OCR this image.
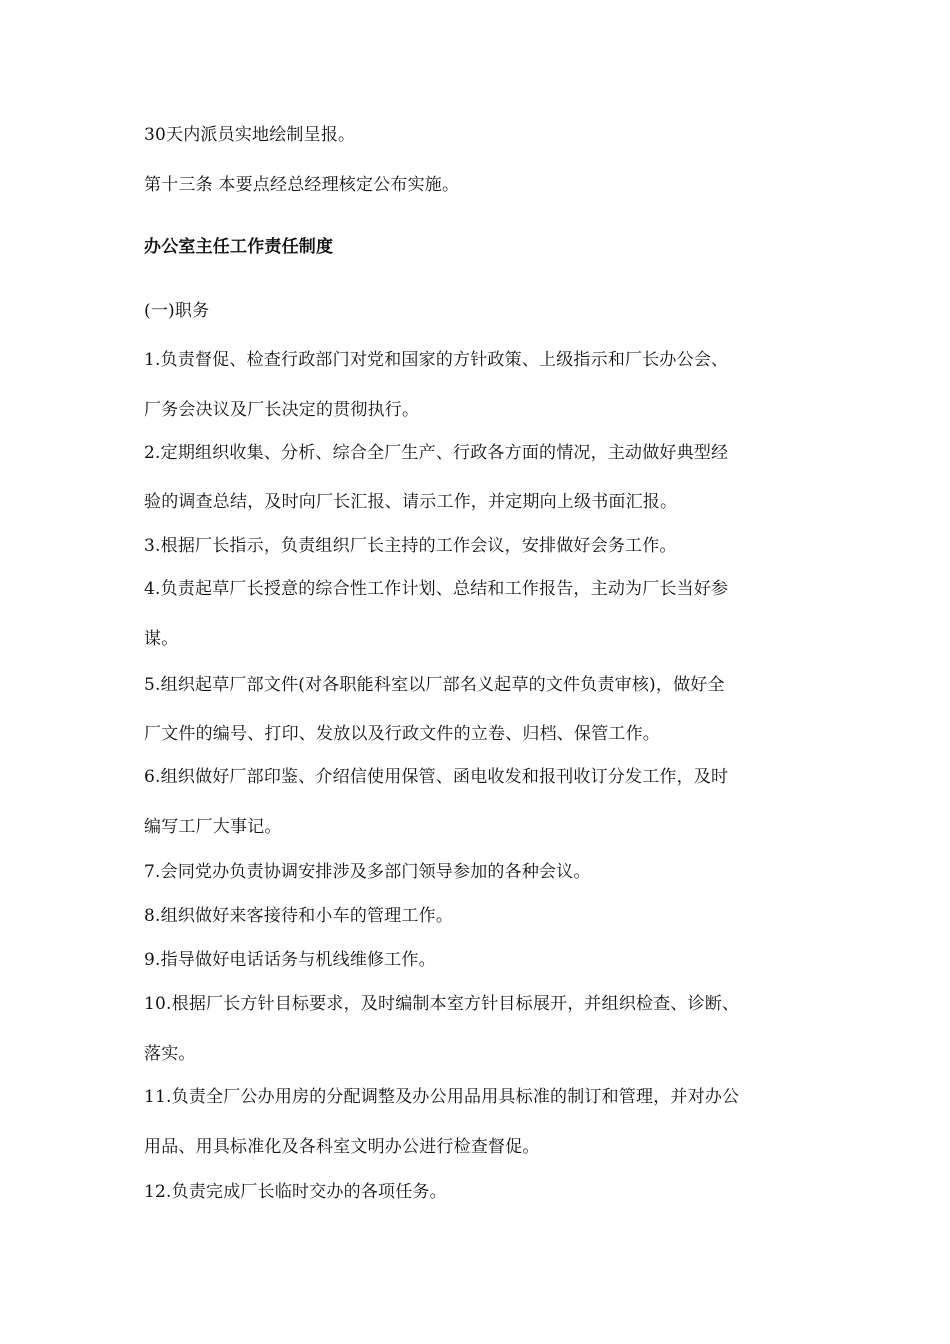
30天内派员实地绘制呈报。
第十三条 本要点经总经理核定公布实施。
办公室主任工作责任制度
(一)职务
1.负责督促、检查行政部门对党和国家的方针政策、上级指示和厂长办公会、
厂务会决议及厂长决定的贯彻执行。
2.定期组织收集、分析、综合全厂生产、行政各方面的情况，主动做好典型经
验的调查总结，及时向厂长汇报、请示工作，并定期向上级书面汇报。
3.根据厂长指示，负责组织厂长主持的工作会议，安排做好会务工作。
4.负责起草厂长授意的综合性工作计划、总结和工作报告，主动为厂长当好参
谋。
5.组织起草厂部文件(对各职能科室以厂部名义起草的文件负责审核)，做好全
厂文件的编号、打印、发放以及行政文件的立卷、归档、保管工作。
6.组织做好厂部印鉴、介绍信使用保管、函电收发和报刊收订分发工作，及时
编写工厂大事记。
7.会同党办负责协调安排涉及多部门领导参加的各种会议。
8.组织做好来客接待和小车的管理工作。
9.指导做好电话话务与机线维修工作。
10.根据厂长方针目标要求，及时编制本室方针目标展开，并组织检查、诊断、
落实。
11.负责全厂公办用房的分配调整及办公用品用具标准的制订和管理，并对办公
用品、用具标准化及各科室文明办公进行检查督促。
12.负责完成厂长临时交办的各项任务。
